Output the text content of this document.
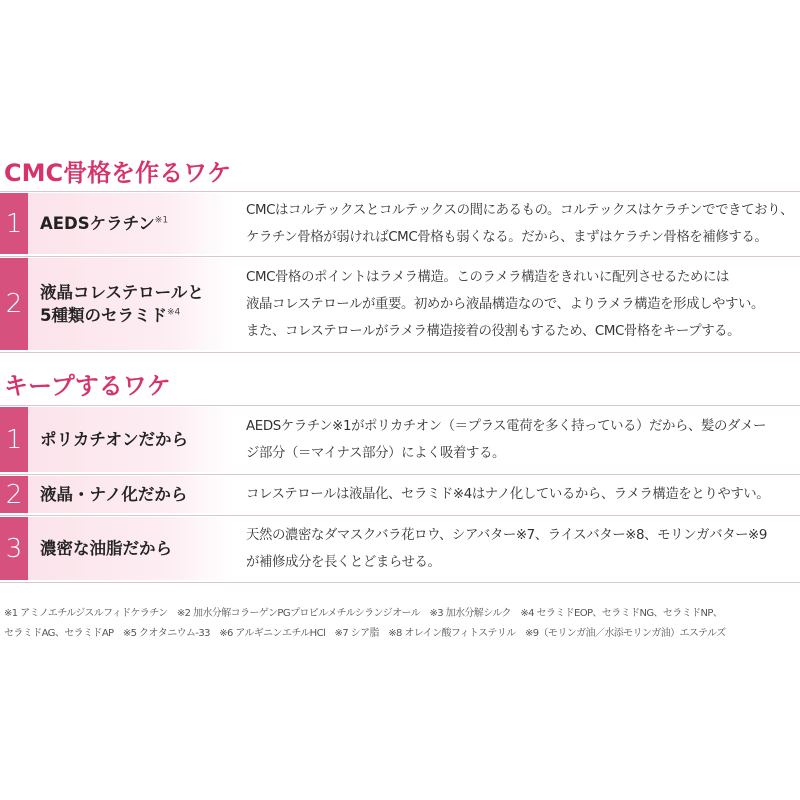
CMC骨格を作るワケ
1	AEDSケラチン$^{※1}$
CMCはコルテックスとコルテックスの間にあるもの。コルテックスはケラチンでできており、
ケラチン骨格が弱ければCMC骨格も弱くなる。だから、まずはケラチン骨格を補修する。
2	液晶コレステロールと
5種類のセラミド$^{※4}$
CMC骨格のポイントはラメラ構造。このラメラ構造をきれいに配列させるためには
液晶コレステロールが重要。初めから液晶構造なので、よりラメラ構造を形成しやすい。
また、コレステロールがラメラ構造接着の役割もするため、CMC骨格をキープする。
キープするワケ
1	ポリカチオンだから
AEDSケラチン※1がポリカチオン（＝プラス電荷を多く持っている）だから、髪のダメー
ジ部分（＝マイナス部分）によく吸着する。
2	液晶・ナノ化だから	コレステロールは液晶化、セラミド※4はナノ化しているから、ラメラ構造をとりやすい。
3	濃密な油脂だから
天然の濃密なダマスクバラ花ロウ、シアバター※7、ライスバター※8、モリンガバター※9
が補修成分を長くとどまらせる。
※1 アミノエチルジスルフィドケラチン　※2 加水分解コラーゲンPGプロピルメチルシランジオール　※3 加水分解シルク　※4 セラミドEOP、セラミドNG、セラミドNP、
セラミドAG、セラミドAP　※5 クオタニウム-33　※6 アルギニンエチルHCl　※7 シア脂　※8 オレイン酸フィトステリル　※9（モリンガ油／水添モリンガ油）エステルズ
